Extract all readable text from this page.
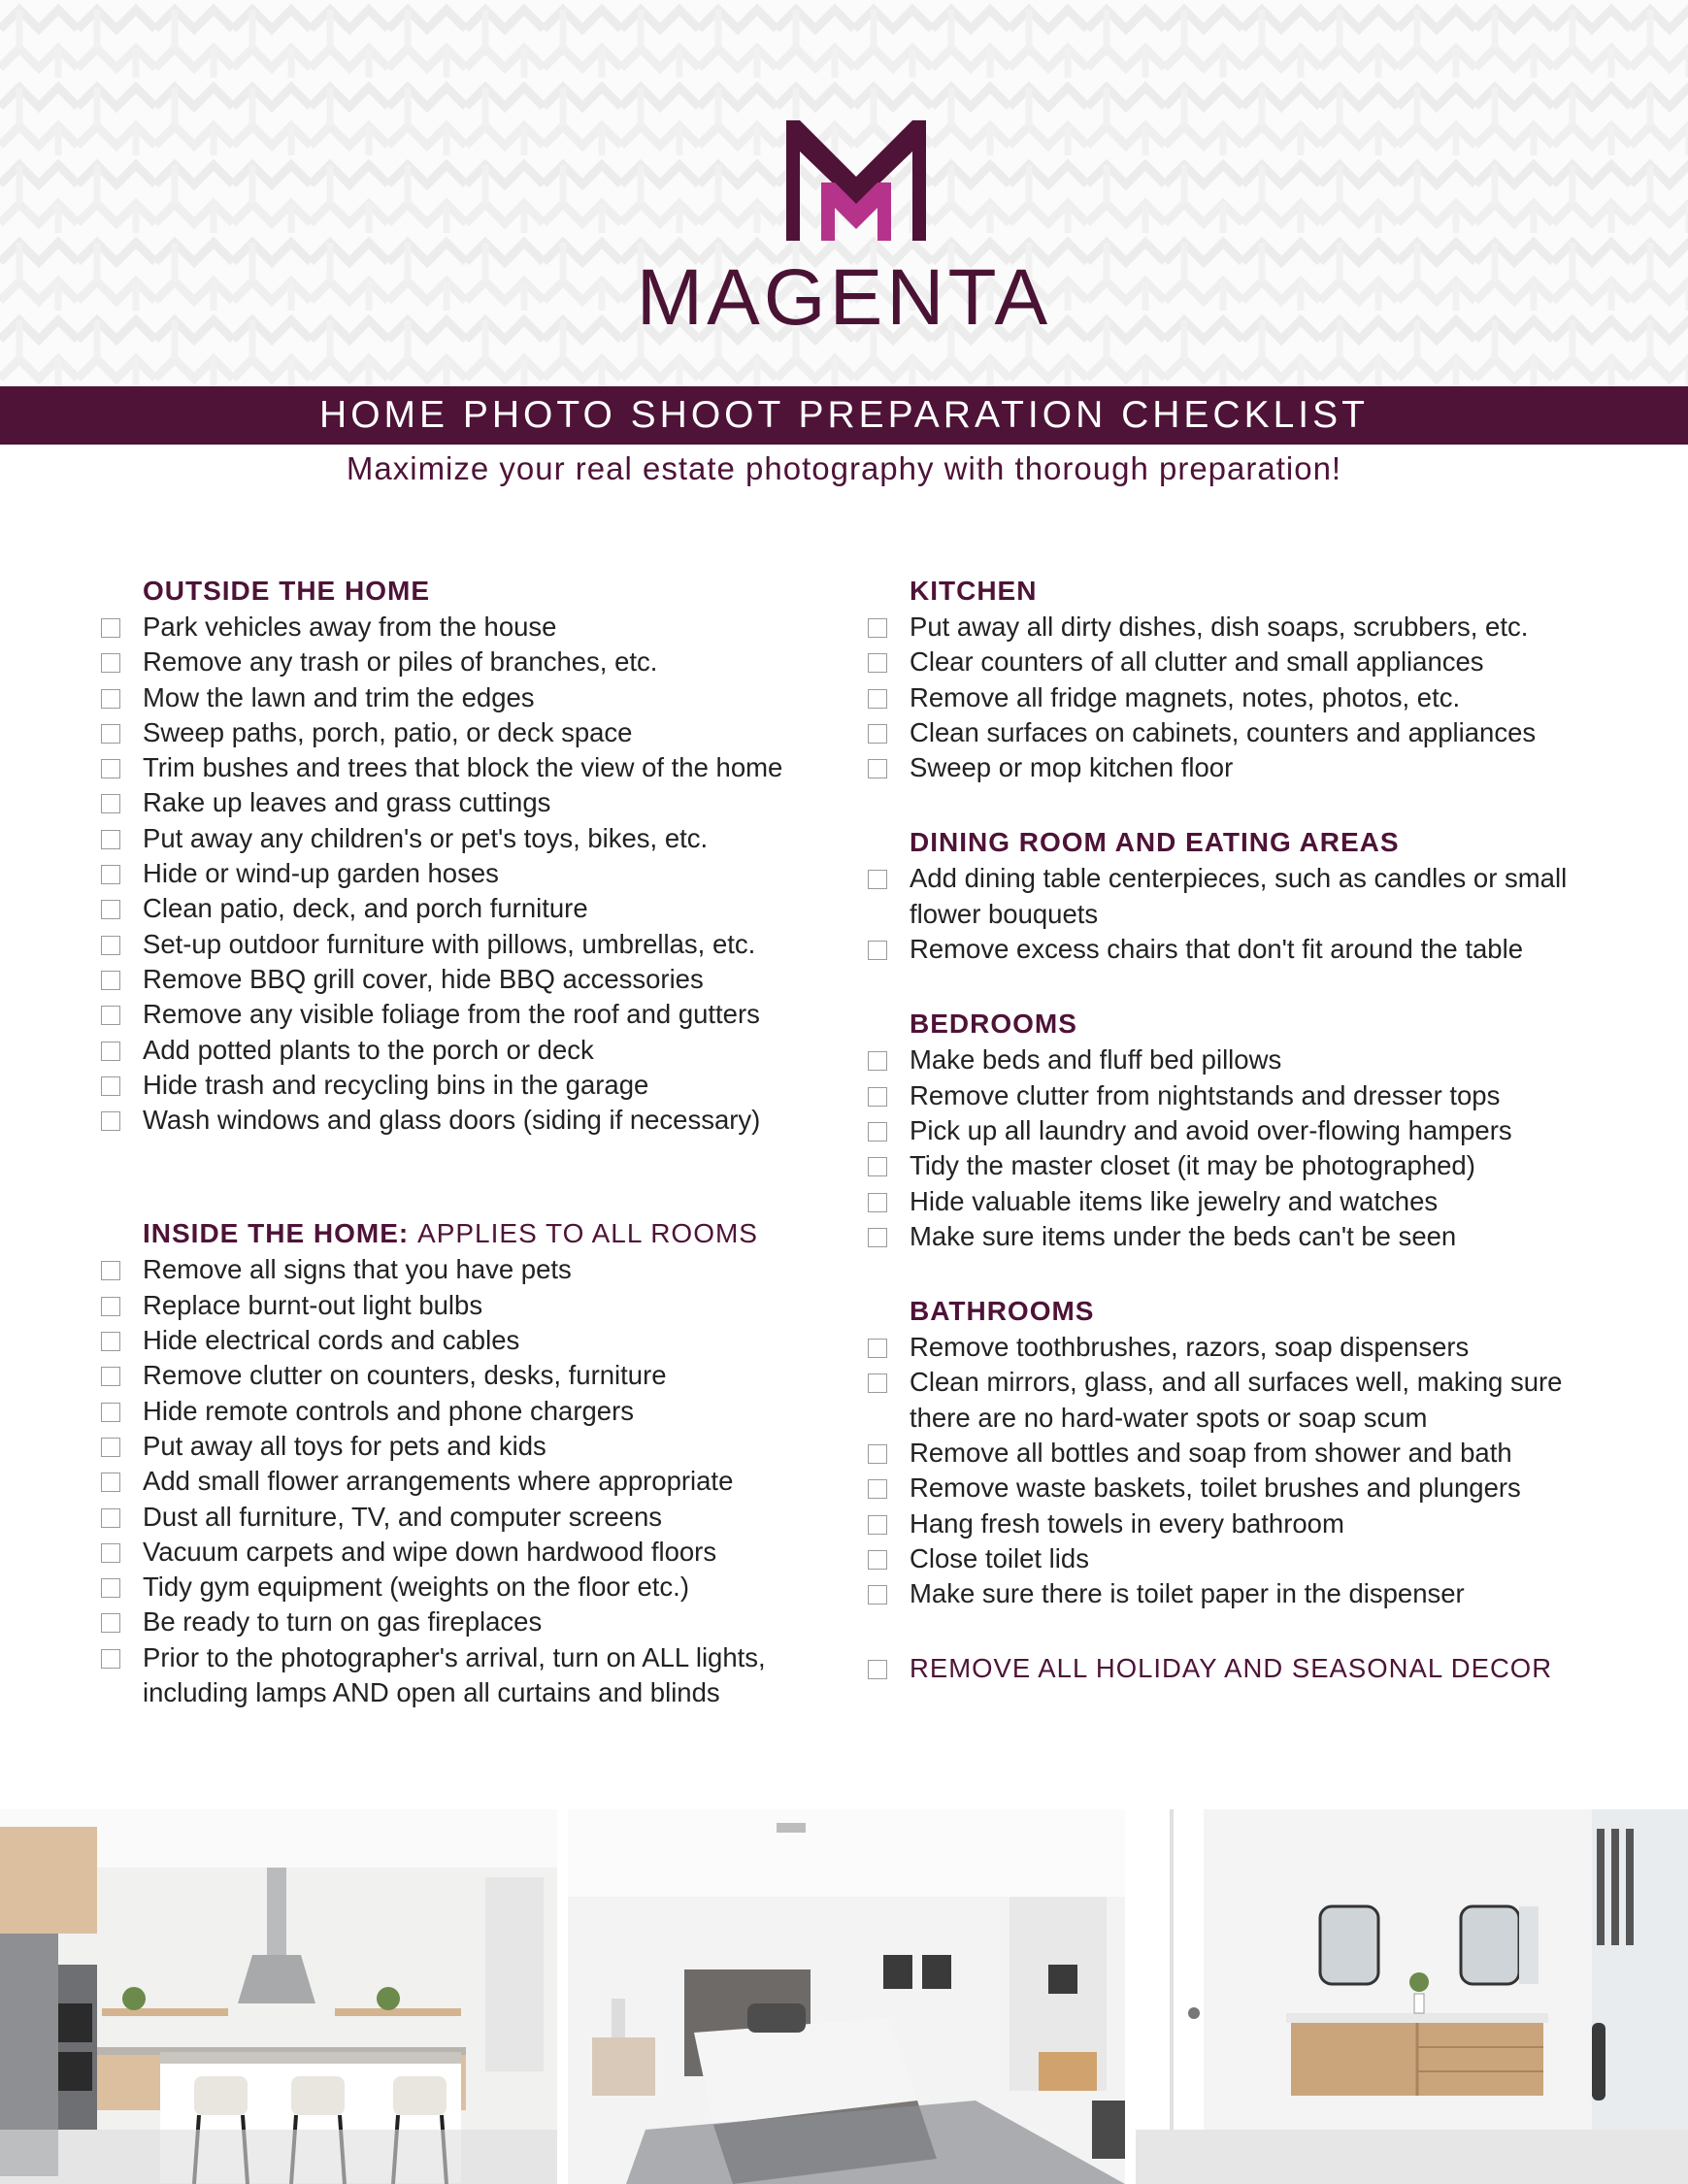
MAGENTA
HOME PHOTO SHOOT PREPARATION CHECKLIST
Maximize your real estate photography with thorough preparation!
OUTSIDE THE HOME
Park vehicles away from the house
Remove any trash or piles of branches, etc.
Mow the lawn and trim the edges
Sweep paths, porch, patio, or deck space
Trim bushes and trees that block the view of the home
Rake up leaves and grass cuttings
Put away any children's or pet's toys, bikes, etc.
Hide or wind-up garden hoses
Clean patio, deck, and porch furniture
Set-up outdoor furniture with pillows, umbrellas, etc.
Remove BBQ grill cover, hide BBQ accessories
Remove any visible foliage from the roof and gutters
Add potted plants to the porch or deck
Hide trash and recycling bins in the garage
Wash windows and glass doors (siding if necessary)
INSIDE THE HOME: APPLIES TO ALL ROOMS
Remove all signs that you have pets
Replace burnt-out light bulbs
Hide electrical cords and cables
Remove clutter on counters, desks, furniture
Hide remote controls and phone chargers
Put away all toys for pets and kids
Add small flower arrangements where appropriate
Dust all furniture, TV, and computer screens
Vacuum carpets and wipe down hardwood floors
Tidy gym equipment (weights on the floor etc.)
Be ready to turn on gas fireplaces
Prior to the photographer's arrival, turn on ALL lights, including lamps AND open all curtains and blinds
KITCHEN
Put away all dirty dishes, dish soaps, scrubbers, etc.
Clear counters of all clutter and small appliances
Remove all fridge magnets, notes, photos, etc.
Clean surfaces on cabinets, counters and appliances
Sweep or mop kitchen floor
DINING ROOM AND EATING AREAS
Add dining table centerpieces, such as candles or small flower bouquets
Remove excess chairs that don't fit around the table
BEDROOMS
Make beds and fluff bed pillows
Remove clutter from nightstands and dresser tops
Pick up all laundry and avoid over-flowing hampers
Tidy the master closet (it may be photographed)
Hide valuable items like jewelry and watches
Make sure items under the beds can't be seen
BATHROOMS
Remove toothbrushes, razors, soap dispensers
Clean mirrors, glass, and all surfaces well, making sure there are no hard-water spots or soap scum
Remove all bottles and soap from shower and bath
Remove waste baskets, toilet brushes and plungers
Hang fresh towels in every bathroom
Close toilet lids
Make sure there is toilet paper in the dispenser
REMOVE ALL HOLIDAY AND SEASONAL DECOR
